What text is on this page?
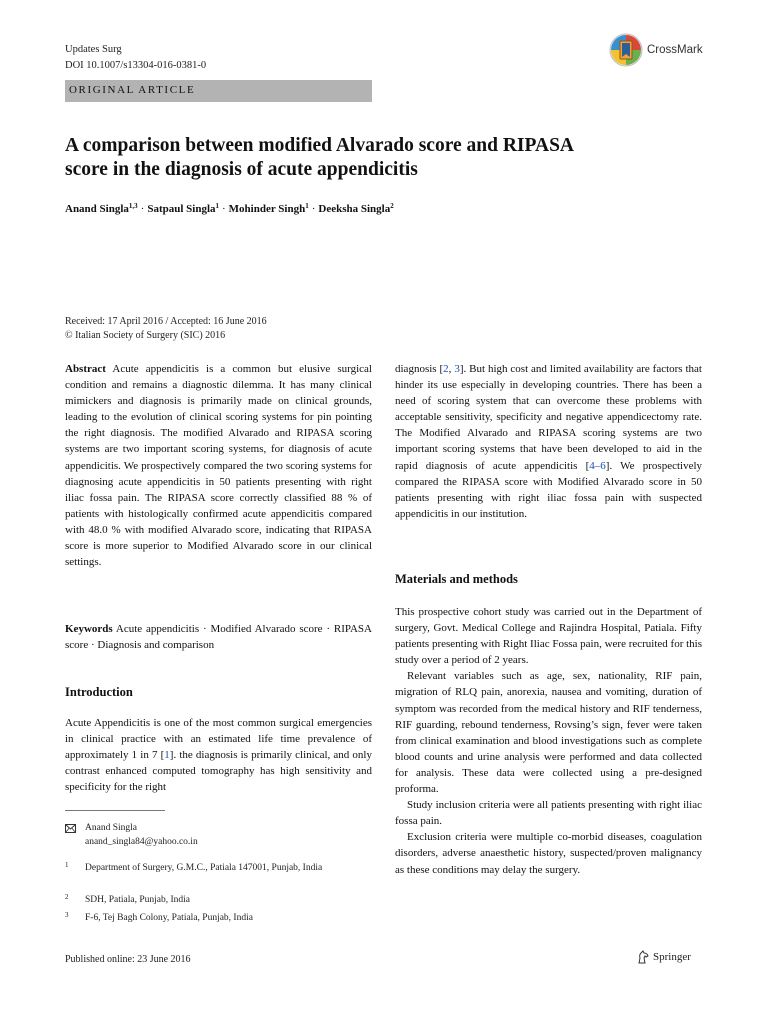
Updates Surg
DOI 10.1007/s13304-016-0381-0
CrossMark
ORIGINAL ARTICLE
A comparison between modified Alvarado score and RIPASA
score in the diagnosis of acute appendicitis
Anand Singla$^{1,3}$ · Satpaul Singla$^1$ · Mohinder Singh$^1$ · Deeksha Singla$^2$
Received: 17 April 2016 / Accepted: 16 June 2016
© Italian Society of Surgery (SIC) 2016

Abstract Acute appendicitis is a common but elusive surgical condition and remains a diagnostic dilemma. It has many clinical mimickers and diagnosis is primarily made on clinical grounds, leading to the evolution of clinical scoring systems for pin pointing the right diagnosis. The modified Alvarado and RIPASA scoring systems are two important scoring systems, for diagnosis of acute appendicitis. We prospectively compared the two scoring systems for diagnosing acute appendicitis in 50 patients presenting with right iliac fossa pain. The RIPASA score correctly classified 88 % of patients with histologically confirmed acute appendicitis compared with 48.0 % with modified Alvarado score, indicating that RIPASA score is more superior to Modified Alvarado score in our clinical settings.

Keywords Acute appendicitis · Modified Alvarado score · RIPASA score · Diagnosis and comparison

Introduction

Acute Appendicitis is one of the most common surgical emergencies in clinical practice with an estimated life time prevalence of approximately 1 in 7 [1]. the diagnosis is primarily clinical, and only contrast enhanced computed tomography has high sensitivity and specificity for the right

Anand Singla
anand_singla84@yahoo.co.in
1 Department of Surgery, G.M.C., Patiala 147001, Punjab, India
2 SDH, Patiala, Punjab, India
3 F-6, Tej Bagh Colony, Patiala, Punjab, India

diagnosis [2, 3]. But high cost and limited availability are factors that hinder its use especially in developing countries. There has been a need of scoring system that can overcome these problems with acceptable sensitivity, specificity and negative appendicectomy rate. The Modified Alvarado and RIPASA scoring systems are two important scoring systems that have been developed to aid in the rapid diagnosis of acute appendicitis [4–6]. We prospectively compared the RIPASA score with Modified Alvarado score in 50 patients presenting with right iliac fossa pain with suspected appendicitis in our institution.

Materials and methods

This prospective cohort study was carried out in the Department of surgery, Govt. Medical College and Rajindra Hospital, Patiala. Fifty patients presenting with Right Iliac Fossa pain, were recruited for this study over a period of 2 years.

Relevant variables such as age, sex, nationality, RIF pain, migration of RLQ pain, anorexia, nausea and vomiting, duration of symptom was recorded from the medical history and RIF tenderness, RIF guarding, rebound tenderness, Rovsing’s sign, fever were taken from clinical examination and blood investigations such as complete blood counts and urine analysis were performed and data collected for analysis. These data were collected using a pre-designed proforma.

Study inclusion criteria were all patients presenting with right iliac fossa pain.

Exclusion criteria were multiple co-morbid diseases, coagulation disorders, adverse anaesthetic history, suspected/proven malignancy as these conditions may delay the surgery.

Published online: 23 June 2016	Springer
